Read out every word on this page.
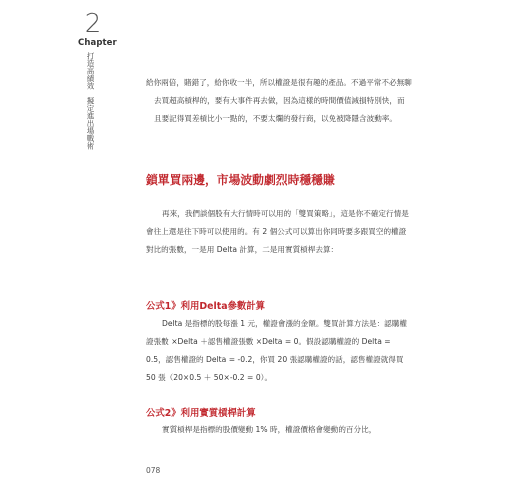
2
Chapter
打造高績效　擬定進出場戰術	給你兩倍，賭錯了，給你收一半，所以權證是很有趣的產品。不過平常不必無聊去買超高槓桿的，要有大事件再去做，因為這樣的時間價值減損特別快，而且要記得買差槓比小一點的，不要太爛的發行商，以免被降隱含波動率。

鎖單買兩邊，市場波動劇烈時穩穩賺

再來，我們談個股有大行情時可以用的「雙買策略」，這是你不確定行情是會往上還是往下時可以使用的。有 2 個公式可以算出你同時要多跟買空的權證對比的張數，一是用 Delta 計算，二是用實質槓桿去算：

公式1》利用Delta參數計算

Delta 是指標的股每漲 1 元，權證會漲的金額。雙買計算方法是：認購權證張數 ×Delta ＋認售權證張數 ×Delta = 0。假設認購權證的 Delta = 0.5，認售權證的 Delta = -0.2，你買 20 張認購權證的話，認售權證就得買 50 張（20×0.5 ＋ 50×-0.2 = 0）。

公式2》利用實質槓桿計算

實質槓桿是指標的股價變動 1% 時，權證價格會變動的百分比，

078
